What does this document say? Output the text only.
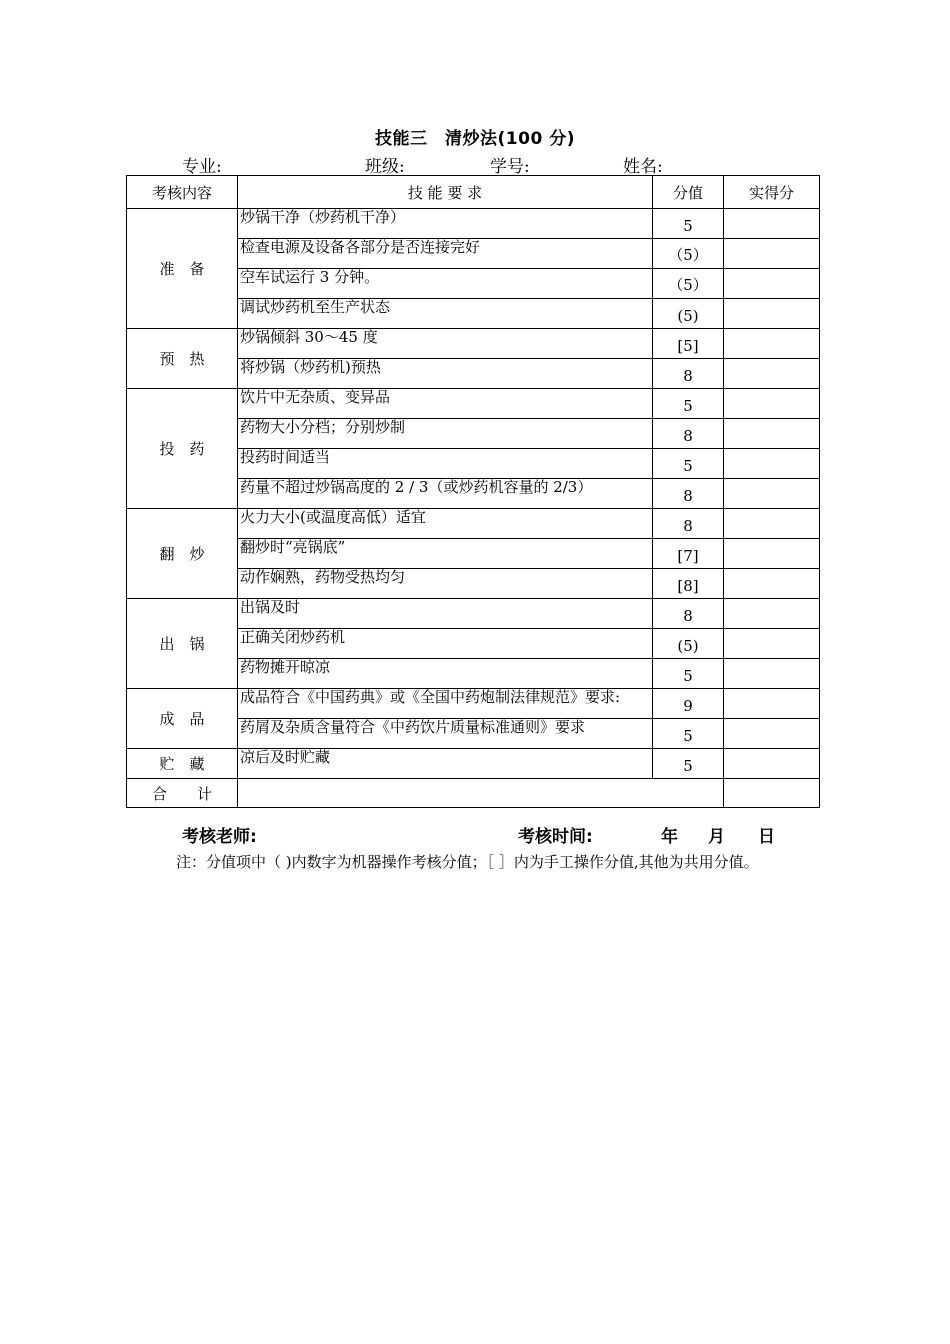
技能三　清炒法(100 分)
专业:	班级:	学号:	姓名:
考核内容	技 能 要 求	分值	实得分
准　备	炒锅干净（炒药机干净）	5	
	检查电源及设备各部分是否连接完好	（5）	
	空车试运行 3 分钟。	（5）	
	调试炒药机至生产状态	(5)	
预　热	炒锅倾斜 30～45 度	[5]	
	将炒锅（炒药机)预热	8	
投　药	饮片中无杂质、变异品	5	
	药物大小分档；分别炒制	8	
	投药时间适当	5	
	药量不超过炒锅高度的 2 / 3（或炒药机容量的 2/3）	8	
翻　炒	火力大小(或温度高低）适宜	8	
	翻炒时“亮锅底”	[7]	
	动作娴熟，药物受热均匀	[8]	
出　锅	出锅及时	8	
	正确关闭炒药机	(5)	
	药物摊开晾凉	5	
成　品	成品符合《中国药典》或《全国中药炮制法律规范》要求:	9	
	药屑及杂质含量符合《中药饮片质量标准通则》要求	5	
贮　藏	凉后及时贮藏	5	
合　　计			
考核老师:	考核时间:	年 月 日
注：分值项中（ )内数字为机器操作考核分值；［ ］内为手工操作分值,其他为共用分值。
